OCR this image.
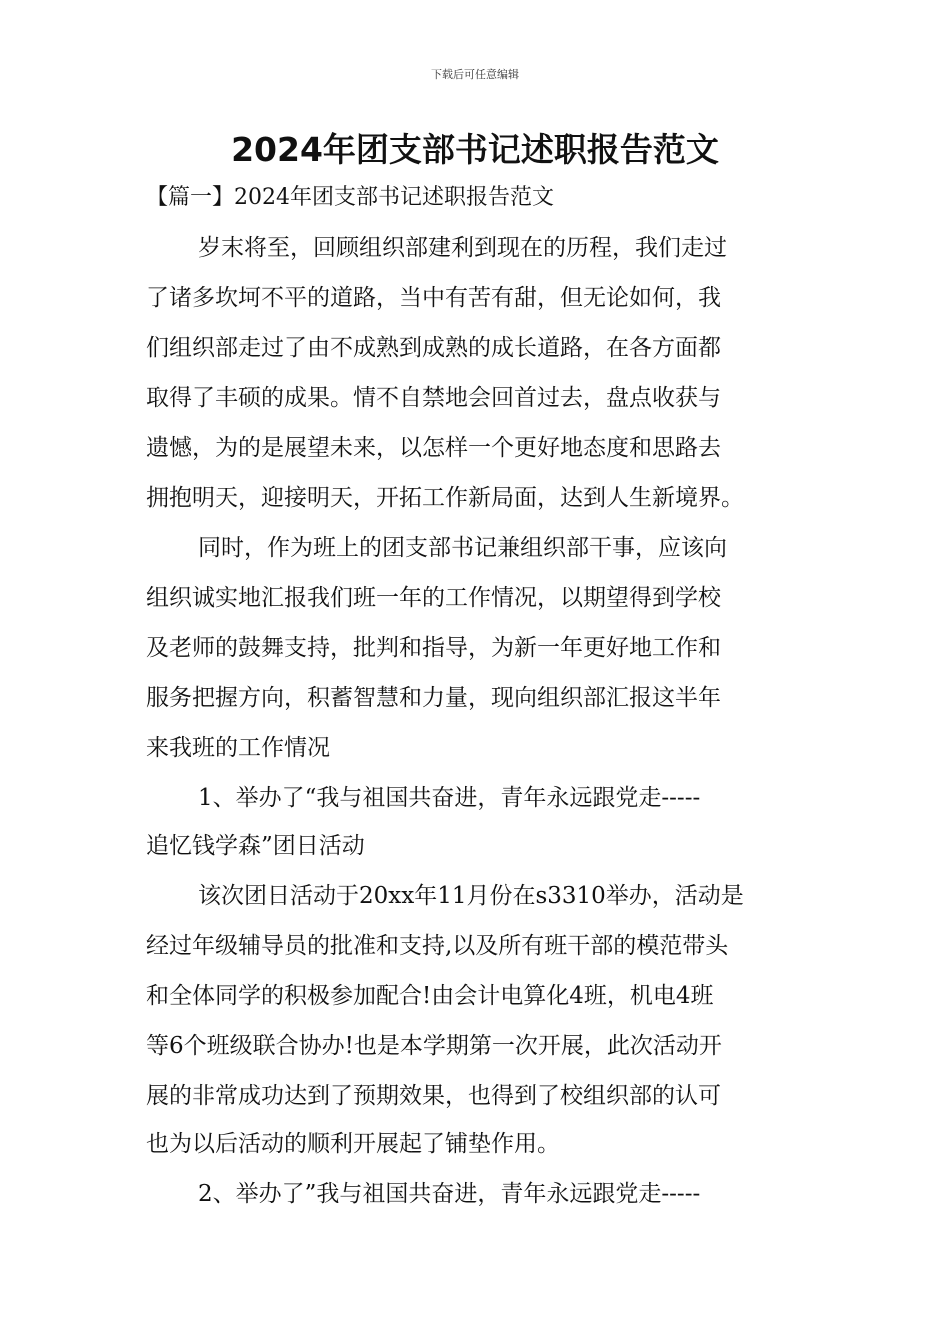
下载后可任意编辑
2024年团支部书记述职报告范文
【篇一】2024年团支部书记述职报告范文
岁末将至，回顾组织部建利到现在的历程，我们走过
了诸多坎坷不平的道路，当中有苦有甜，但无论如何，我
们组织部走过了由不成熟到成熟的成长道路，在各方面都
取得了丰硕的成果。情不自禁地会回首过去，盘点收获与
遗憾，为的是展望未来，以怎样一个更好地态度和思路去
拥抱明天，迎接明天，开拓工作新局面，达到人生新境界。
同时，作为班上的团支部书记兼组织部干事，应该向
组织诚实地汇报我们班一年的工作情况，以期望得到学校
及老师的鼓舞支持，批判和指导，为新一年更好地工作和
服务把握方向，积蓄智慧和力量，现向组织部汇报这半年
来我班的工作情况
1、举办了“我与祖国共奋进，青年永远跟党走-----
追忆钱学森”团日活动
该次团日活动于20xx年11月份在s3310举办，活动是
经过年级辅导员的批准和支持,以及所有班干部的模范带头
和全体同学的积极参加配合!由会计电算化4班，机电4班
等6个班级联合协办!也是本学期第一次开展，此次活动开
展的非常成功达到了预期效果，也得到了校组织部的认可
也为以后活动的顺利开展起了铺垫作用。
2、举办了”我与祖国共奋进，青年永远跟党走-----
